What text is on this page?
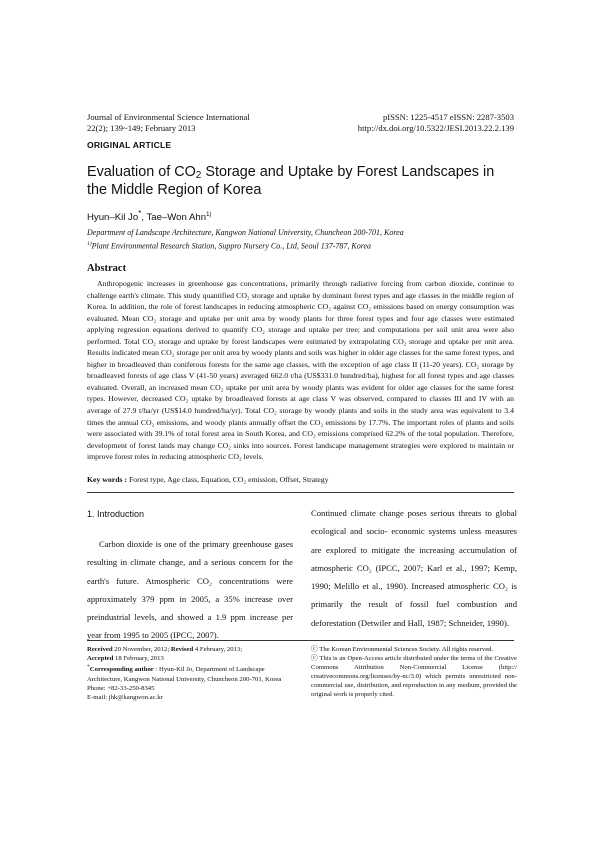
Journal of Environmental Science International
22(2); 139~149; February 2013
pISSN: 1225-4517 eISSN: 2287-3503
http://dx.doi.org/10.5322/JESI.2013.22.2.139
ORIGINAL ARTICLE
Evaluation of $CO_2$ Storage and Uptake by Forest Landscapes in the Middle Region of Korea
Hyun–Kil Jo*, Tae–Won Ahn$^{1)}$
Department of Landscape Architecture, Kangwon National University, Chuncheon 200-701, Korea
$^{1)}$Plant Environmental Research Station, Suppro Nursery Co., Ltd, Seoul 137-787, Korea
Abstract
Anthropogenic increases in greenhouse gas concentrations, primarily through radiative forcing from carbon dioxide, continue to challenge earth's climate. This study quantified CO₂ storage and uptake by dominant forest types and age classes in the middle region of Korea. In addition, the role of forest landscapes in reducing atmospheric CO₂ against CO₂ emissions based on energy consumption was evaluated. Mean CO₂ storage and uptake per unit area by woody plants for three forest types and four age classes were estimated applying regression equations derived to quantify CO₂ storage and uptake per tree; and computations per soil unit area were also performed. Total CO₂ storage and uptake by forest landscapes were estimated by extrapolating CO₂ storage and uptake per unit area. Results indicated mean CO₂ storage per unit area by woody plants and soils was higher in older age classes for the same forest types, and higher in broadleaved than coniferous forests for the same age classes, with the exception of age class II (11-20 years). CO₂ storage by broadleaved forests of age class V (41-50 years) averaged 662.0 t/ha (US$331.0 hundred/ha), highest for all forest types and age classes evaluated. Overall, an increased mean CO₂ uptake per unit area by woody plants was evident for older age classes for the same forest types. However, decreased CO₂ uptake by broadleaved forests at age class V was observed, compared to classes III and IV with an average of 27.9 t/ha/yr (US$14.0 hundred/ha/yr). Total CO₂ storage by woody plants and soils in the study area was equivalent to 3.4 times the annual CO₂ emissions, and woody plants annually offset the CO₂ emissions by 17.7%. The important roles of plants and soils were associated with 39.1% of total forest area in South Korea, and CO₂ emissions comprised 62.2% of the total population. Therefore, development of forest lands may change CO₂ sinks into sources. Forest landscape management strategies were explored to maintain or improve forest roles in reducing atmospheric CO₂ levels.
Key words : Forest type, Age class, Equation, CO₂ emission, Offset, Strategy
1. Introduction
Carbon dioxide is one of the primary greenhouse gases resulting in climate change, and a serious concern for the earth's future. Atmospheric CO₂ concentrations were approximately 379 ppm in 2005, a 35% increase over preindustrial levels, and showed a 1.9 ppm increase per year from 1995 to 2005 (IPCC, 2007).
Continued climate change poses serious threats to global ecological and socio- economic systems unless measures are explored to mitigate the increasing accumulation of atmospheric CO₂ (IPCC, 2007; Karl et al., 1997; Kemp, 1990; Melillo et al., 1990). Increased atmospheric CO₂ is primarily the result of fossil fuel combustion and deforestation (Detwiler and Hall, 1987; Schneider, 1990).
Received 20 November, 2012; Revised 4 February, 2013;
Accepted 18 February, 2013
*Corresponding author : Hyun-Kil Jo, Department of Landscape Architecture, Kangwon National University, Chuncheon 200-701, Korea
Phone: +82-33-250-8345
E-mail: jhk@kangwon.ac.kr
ⓒ The Korean Environmental Sciences Society. All rights reserved.
ⓒ This is an Open-Access article distributed under the terms of the Creative Commons Attribution Non-Commercial License (http:// creativecommons.org/licenses/by-nc/3.0) which permits unrestricted non-commercial use, distribution, and reproduction in any medium, provided the original work is properly cited.
